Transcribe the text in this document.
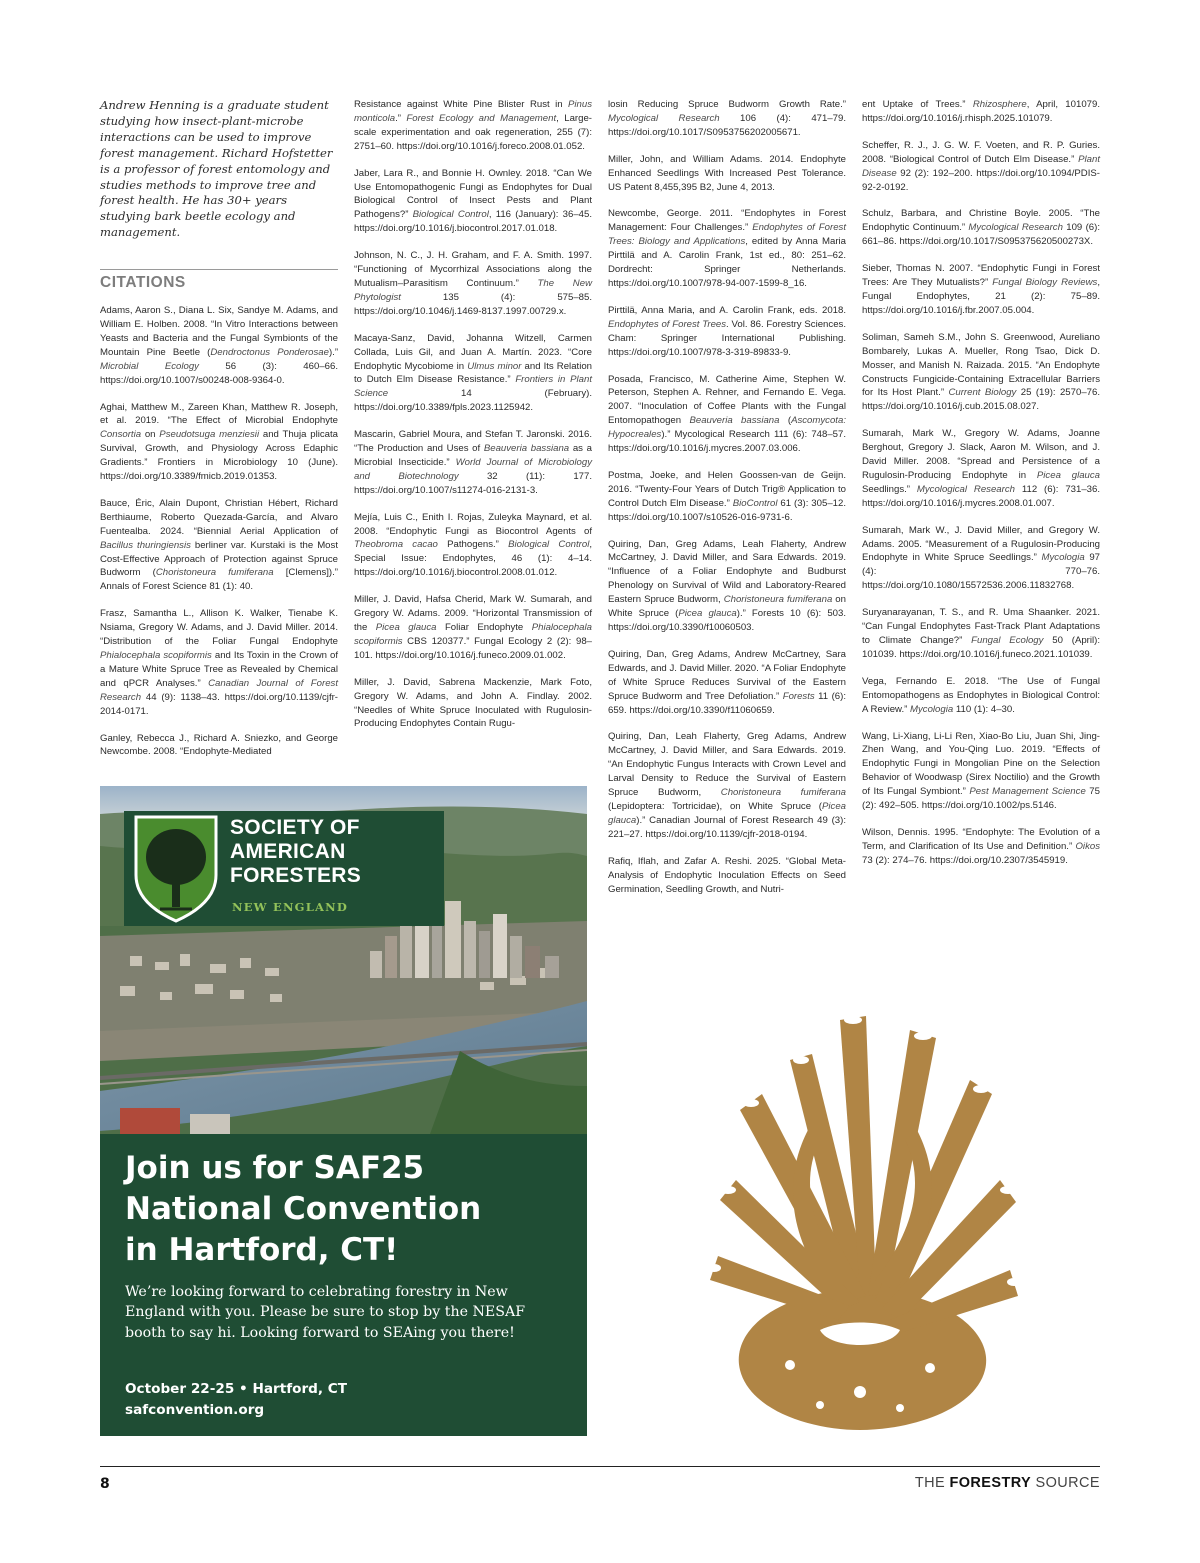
Andrew Henning is a graduate student studying how insect-plant-microbe interactions can be used to improve forest management. Richard Hofstetter is a professor of forest entomology and studies methods to improve tree and forest health. He has 30+ years studying bark beetle ecology and management.

CITATIONS

Adams, Aaron S., Diana L. Six, Sandye M. Adams, and William E. Holben. 2008. “In Vitro Interactions between Yeasts and Bacteria and the Fungal Symbionts of the Mountain Pine Beetle (Dendroctonus Ponderosae).” Microbial Ecology 56 (3): 460–66. https://doi.org/10.1007/s00248-008-9364-0.

Aghai, Matthew M., Zareen Khan, Matthew R. Joseph, et al. 2019. “The Effect of Microbial Endophyte Consortia on Pseudotsuga menziesii and Thuja plicata Survival, Growth, and Physiology Across Edaphic Gradients.” Frontiers in Microbiology 10 (June). https://doi.org/10.3389/fmicb.2019.01353.

Bauce, Éric, Alain Dupont, Christian Hébert, Richard Berthiaume, Roberto Quezada-García, and Alvaro Fuentealba. 2024. “Biennial Aerial Application of Bacillus thuringiensis berliner var. Kurstaki is the Most Cost-Effective Approach of Protection against Spruce Budworm (Choristoneura fumiferana [Clemens]).” Annals of Forest Science 81 (1): 40.

Frasz, Samantha L., Allison K. Walker, Tienabe K. Nsiama, Gregory W. Adams, and J. David Miller. 2014. “Distribution of the Foliar Fungal Endophyte Phialocephala scopiformis and Its Toxin in the Crown of a Mature White Spruce Tree as Revealed by Chemical and qPCR Analyses.” Canadian Journal of Forest Research 44 (9): 1138–43. https://doi.org/10.1139/cjfr-2014-0171.

Ganley, Rebecca J., Richard A. Sniezko, and George Newcombe. 2008. “Endophyte-Mediated

Resistance against White Pine Blister Rust in Pinus monticola.” Forest Ecology and Management, Large-scale experimentation and oak regeneration, 255 (7): 2751–60. https://doi.org/10.1016/j.foreco.2008.01.052.

Jaber, Lara R., and Bonnie H. Ownley. 2018. “Can We Use Entomopathogenic Fungi as Endophytes for Dual Biological Control of Insect Pests and Plant Pathogens?” Biological Control, 116 (January): 36–45. https://doi.org/10.1016/j.biocontrol.2017.01.018.

Johnson, N. C., J. H. Graham, and F. A. Smith. 1997. “Functioning of Mycorrhizal Associations along the Mutualism–Parasitism Continuum.” The New Phytologist 135 (4): 575–85. https://doi.org/10.1046/j.1469-8137.1997.00729.x.

Macaya-Sanz, David, Johanna Witzell, Carmen Collada, Luis Gil, and Juan A. Martín. 2023. “Core Endophytic Mycobiome in Ulmus minor and Its Relation to Dutch Elm Disease Resistance.” Frontiers in Plant Science 14 (February). https://doi.org/10.3389/fpls.2023.1125942.

Mascarin, Gabriel Moura, and Stefan T. Jaronski. 2016. “The Production and Uses of Beauveria bassiana as a Microbial Insecticide.” World Journal of Microbiology and Biotechnology 32 (11): 177. https://doi.org/10.1007/s11274-016-2131-3.

Mejía, Luis C., Enith I. Rojas, Zuleyka Maynard, et al. 2008. “Endophytic Fungi as Biocontrol Agents of Theobroma cacao Pathogens.” Biological Control, Special Issue: Endophytes, 46 (1): 4–14. https://doi.org/10.1016/j.biocontrol.2008.01.012.

Miller, J. David, Hafsa Cherid, Mark W. Sumarah, and Gregory W. Adams. 2009. “Horizontal Transmission of the Picea glauca Foliar Endophyte Phialocephala scopiformis CBS 120377.” Fungal Ecology 2 (2): 98–101. https://doi.org/10.1016/j.funeco.2009.01.002.

Miller, J. David, Sabrena Mackenzie, Mark Foto, Gregory W. Adams, and John A. Findlay. 2002. “Needles of White Spruce Inoculated with Rugulosin-Producing Endophytes Contain Rugu-

losin Reducing Spruce Budworm Growth Rate.” Mycological Research 106 (4): 471–79. https://doi.org/10.1017/S0953756202005671.

Miller, John, and William Adams. 2014. Endophyte Enhanced Seedlings With Increased Pest Tolerance. US Patent 8,455,395 B2, June 4, 2013.

Newcombe, George. 2011. “Endophytes in Forest Management: Four Challenges.” Endophytes of Forest Trees: Biology and Applications, edited by Anna Maria Pirttilä and A. Carolin Frank, 1st ed., 80: 251–62. Dordrecht: Springer Netherlands. https://doi.org/10.1007/978-94-007-1599-8_16.

Pirttilä, Anna Maria, and A. Carolin Frank, eds. 2018. Endophytes of Forest Trees. Vol. 86. Forestry Sciences. Cham: Springer International Publishing. https://doi.org/10.1007/978-3-319-89833-9.

Posada, Francisco, M. Catherine Aime, Stephen W. Peterson, Stephen A. Rehner, and Fernando E. Vega. 2007. “Inoculation of Coffee Plants with the Fungal Entomopathogen Beauveria bassiana (Ascomycota: Hypocreales).” Mycological Research 111 (6): 748–57. https://doi.org/10.1016/j.mycres.2007.03.006.

Postma, Joeke, and Helen Goossen-van de Geijn. 2016. “Twenty-Four Years of Dutch Trig® Application to Control Dutch Elm Disease.” BioControl 61 (3): 305–12. https://doi.org/10.1007/s10526-016-9731-6.

Quiring, Dan, Greg Adams, Leah Flaherty, Andrew McCartney, J. David Miller, and Sara Edwards. 2019. “Influence of a Foliar Endophyte and Budburst Phenology on Survival of Wild and Laboratory-Reared Eastern Spruce Budworm, Choristoneura fumiferana on White Spruce (Picea glauca).” Forests 10 (6): 503. https://doi.org/10.3390/f10060503.

Quiring, Dan, Greg Adams, Andrew McCartney, Sara Edwards, and J. David Miller. 2020. “A Foliar Endophyte of White Spruce Reduces Survival of the Eastern Spruce Budworm and Tree Defoliation.” Forests 11 (6): 659. https://doi.org/10.3390/f11060659.

Quiring, Dan, Leah Flaherty, Greg Adams, Andrew McCartney, J. David Miller, and Sara Edwards. 2019. “An Endophytic Fungus Interacts with Crown Level and Larval Density to Reduce the Survival of Eastern Spruce Budworm, Choristoneura fumiferana (Lepidoptera: Tortricidae), on White Spruce (Picea glauca).” Canadian Journal of Forest Research 49 (3): 221–27. https://doi.org/10.1139/cjfr-2018-0194.

Rafiq, Iflah, and Zafar A. Reshi. 2025. “Global Meta-Analysis of Endophytic Inoculation Effects on Seed Germination, Seedling Growth, and Nutri-

ent Uptake of Trees.” Rhizosphere, April, 101079. https://doi.org/10.1016/j.rhisph.2025.101079.

Scheffer, R. J., J. G. W. F. Voeten, and R. P. Guries. 2008. “Biological Control of Dutch Elm Disease.” Plant Disease 92 (2): 192–200. https://doi.org/10.1094/PDIS-92-2-0192.

Schulz, Barbara, and Christine Boyle. 2005. “The Endophytic Continuum.” Mycological Research 109 (6): 661–86. https://doi.org/10.1017/S095375620500273X.

Sieber, Thomas N. 2007. “Endophytic Fungi in Forest Trees: Are They Mutualists?” Fungal Biology Reviews, Fungal Endophytes, 21 (2): 75–89. https://doi.org/10.1016/j.fbr.2007.05.004.

Soliman, Sameh S.M., John S. Greenwood, Aureliano Bombarely, Lukas A. Mueller, Rong Tsao, Dick D. Mosser, and Manish N. Raizada. 2015. “An Endophyte Constructs Fungicide-Containing Extracellular Barriers for Its Host Plant.” Current Biology 25 (19): 2570–76. https://doi.org/10.1016/j.cub.2015.08.027.

Sumarah, Mark W., Gregory W. Adams, Joanne Berghout, Gregory J. Slack, Aaron M. Wilson, and J. David Miller. 2008. “Spread and Persistence of a Rugulosin-Producing Endophyte in Picea glauca Seedlings.” Mycological Research 112 (6): 731–36. https://doi.org/10.1016/j.mycres.2008.01.007.

Sumarah, Mark W., J. David Miller, and Gregory W. Adams. 2005. “Measurement of a Rugulosin-Producing Endophyte in White Spruce Seedlings.” Mycologia 97 (4): 770–76. https://doi.org/10.1080/15572536.2006.11832768.

Suryanarayanan, T. S., and R. Uma Shaanker. 2021. “Can Fungal Endophytes Fast-Track Plant Adaptations to Climate Change?” Fungal Ecology 50 (April): 101039. https://doi.org/10.1016/j.funeco.2021.101039.

Vega, Fernando E. 2018. “The Use of Fungal Entomopathogens as Endophytes in Biological Control: A Review.” Mycologia 110 (1): 4–30.

Wang, Li-Xiang, Li-Li Ren, Xiao-Bo Liu, Juan Shi, Jing-Zhen Wang, and You-Qing Luo. 2019. “Effects of Endophytic Fungi in Mongolian Pine on the Selection Behavior of Woodwasp (Sirex Noctilio) and the Growth of Its Fungal Symbiont.” Pest Management Science 75 (2): 492–505. https://doi.org/10.1002/ps.5146.

Wilson, Dennis. 1995. “Endophyte: The Evolution of a Term, and Clarification of Its Use and Definition.” Oikos 73 (2): 274–76. https://doi.org/10.2307/3545919.

SOCIETY OF
AMERICAN
FORESTERS
NEW ENGLAND
Join us for SAF25
National Convention
in Hartford, CT!

We’re looking forward to celebrating forestry in New England with you. Please be sure to stop by the NESAF booth to say hi. Looking forward to SEAing you there!

October 22-25 • Hartford, CT
safconvention.org
8	THE FORESTRY SOURCE
